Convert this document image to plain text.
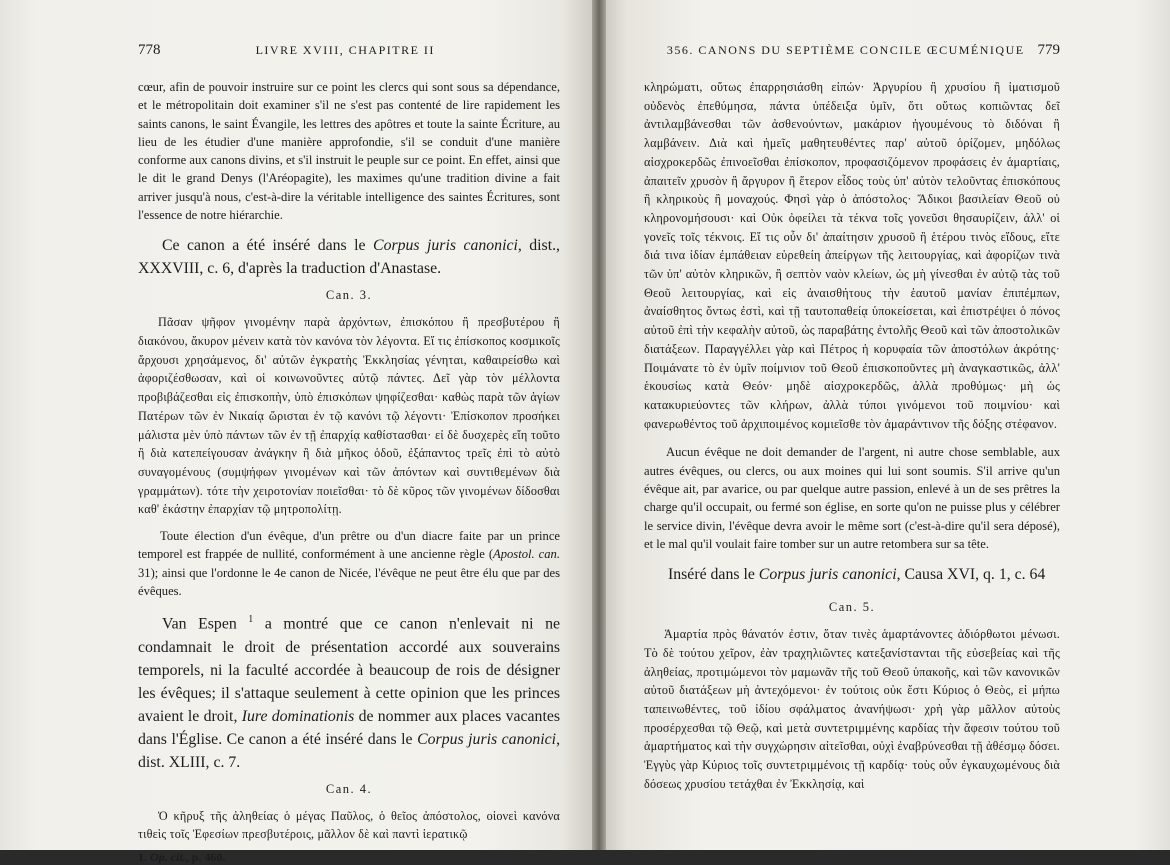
778	LIVRE XVIII, CHAPITRE II

cœur, afin de pouvoir instruire sur ce point les clercs qui sont sous sa dépendance, et le métropolitain doit examiner s'il ne s'est pas contenté de lire rapidement les saints canons, le saint Évangile, les lettres des apôtres et toute la sainte Écriture, au lieu de les étudier d'une manière approfondie, s'il se conduit d'une manière conforme aux canons divins, et s'il instruit le peuple sur ce point. En effet, ainsi que le dit le grand Denys (l'Aréopagite), les maximes qu'une tradition divine a fait arriver jusqu'à nous, c'est-à-dire la véritable intelligence des saintes Écritures, sont l'essence de notre hiérarchie.

Ce canon a été inséré dans le Corpus juris canonici, dist., XXXVIII, c. 6, d'après la traduction d'Anastase.

Can. 3.

Πᾶσαν ψῆφον γινομένην παρὰ ἀρχόντων, ἐπισκόπου ἢ πρεσβυτέρου ἢ διακόνου, ἄκυρον μένειν κατὰ τὸν κανόνα τὸν λέγοντα. Εἴ τις ἐπίσκοπος κοσμικοῖς ἄρχουσι χρησάμενος, δι' αὐτῶν ἐγκρατὴς Ἐκκλησίας γένηται, καθαιρείσθω καὶ ἀφοριζέσθωσαν, καὶ οἱ κοινωνοῦντες αὐτῷ πάντες. Δεῖ γὰρ τὸν μέλλοντα προβιβάζεσθαι εἰς ἐπισκοπὴν, ὑπὸ ἐπισκόπων ψηφίζεσθαι· καθὼς παρὰ τῶν ἁγίων Πατέρων τῶν ἐν Νικαίᾳ ὥρισται ἐν τῷ κανόνι τῷ λέγοντι· Ἐπίσκοπον προσήκει μάλιστα μὲν ὑπὸ πάντων τῶν ἐν τῇ ἐπαρχίᾳ καθίστασθαι· εἰ δὲ δυσχερὲς εἴη τοῦτο ἢ διὰ κατεπείγουσαν ἀνάγκην ἢ διὰ μῆκος ὁδοῦ, ἐξάπαντος τρεῖς ἐπὶ τὸ αὐτὸ συναγομένους (συμψήφων γινομένων καὶ τῶν ἀπόντων καὶ συντιθεμένων διὰ γραμμάτων). τότε τὴν χειροτονίαν ποιεῖσθαι· τὸ δὲ κῦρος τῶν γινομένων δίδοσθαι καθ' ἑκάστην ἐπαρχίαν τῷ μητροπολίτῃ.

Toute élection d'un évêque, d'un prêtre ou d'un diacre faite par un prince temporel est frappée de nullité, conformément à une ancienne règle (Apostol. can. 31); ainsi que l'ordonne le 4e canon de Nicée, l'évêque ne peut être élu que par des évêques.

Van Espen $^1$ a montré que ce canon n'enlevait ni ne condamnait le droit de présentation accordé aux souverains temporels, ni la faculté accordée à beaucoup de rois de désigner les évêques; il s'attaque seulement à cette opinion que les princes avaient le droit, Iure dominationis de nommer aux places vacantes dans l'Église. Ce canon a été inséré dans le Corpus juris canonici, dist. XLIII, c. 7.

Can. 4.

Ὁ κῆρυξ τῆς ἀληθείας ὁ μέγας Παῦλος, ὁ θεῖος ἀπόστολος, οἱονεὶ κανόνα τιθεὶς τοῖς Ἐφεσίων πρεσβυτέροις, μᾶλλον δὲ καὶ παντὶ ἱερατικῷ

1. Op. cit., p. 460.
356. CANONS DU SEPTIÈME CONCILE ŒCUMÉNIQUE 779

κληρώματι, οὕτως ἐπαρρησιάσθη εἰπών· Ἀργυρίου ἢ χρυσίου ἢ ἱματισμοῦ οὐδενὸς ἐπεθύμησα, πάντα ὑπέδειξα ὑμῖν, ὅτι οὕτως κοπιῶντας δεῖ ἀντιλαμβάνεσθαι τῶν ἀσθενούντων, μακάριον ἡγουμένους τὸ διδόναι ἢ λαμβάνειν. Διὰ καὶ ἡμεῖς μαθητευθέντες παρ' αὐτοῦ ὁρίζομεν, μηδόλως αἰσχροκερδῶς ἐπινοεῖσθαι ἐπίσκοπον, προφασιζόμενον προφάσεις ἐν ἁμαρτίαις, ἀπαιτεῖν χρυσὸν ἢ ἄργυρον ἢ ἕτερον εἶδος τοὺς ὑπ' αὐτὸν τελοῦντας ἐπισκόπους ἢ κληρικοὺς ἢ μοναχούς. Φησὶ γὰρ ὁ ἀπόστολος· Ἄδικοι βασιλείαν Θεοῦ οὐ κληρονομήσουσι· καὶ Οὐκ ὀφείλει τὰ τέκνα τοῖς γονεῦσι θησαυρίζειν, ἀλλ' οἱ γονεῖς τοῖς τέκνοις. Εἴ τις οὖν δι' ἀπαίτησιν χρυσοῦ ἢ ἑτέρου τινὸς εἴδους, εἴτε διά τινα ἰδίαν ἐμπάθειαν εὑρεθείη ἀπείργων τῆς λειτουργίας, καὶ ἀφορίζων τινὰ τῶν ὑπ' αὐτὸν κληρικῶν, ἢ σεπτὸν ναὸν κλείων, ὡς μὴ γίνεσθαι ἐν αὐτῷ τὰς τοῦ Θεοῦ λειτουργίας, καὶ εἰς ἀναισθήτους τὴν ἑαυτοῦ μανίαν ἐπιπέμπων, ἀναίσθητος ὄντως ἐστὶ, καὶ τῇ ταυτοπαθείᾳ ὑποκείσεται, καὶ ἐπιστρέψει ὁ πόνος αὐτοῦ ἐπὶ τὴν κεφαλὴν αὐτοῦ, ὡς παραβάτης ἐντολῆς Θεοῦ καὶ τῶν ἀποστολικῶν διατάξεων. Παραγγέλλει γὰρ καὶ Πέτρος ἡ κορυφαία τῶν ἀποστόλων ἀκρότης· Ποιμάνατε τὸ ἐν ὑμῖν ποίμνιον τοῦ Θεοῦ ἐπισκοποῦντες μὴ ἀναγκαστικῶς, ἀλλ' ἑκουσίως κατὰ Θεόν· μηδὲ αἰσχροκερδῶς, ἀλλὰ προθύμως· μὴ ὡς κατακυριεύοντες τῶν κλήρων, ἀλλὰ τύποι γινόμενοι τοῦ ποιμνίου· καὶ φανερωθέντος τοῦ ἀρχιποιμένος κομιεῖσθε τὸν ἀμαράντινον τῆς δόξης στέφανον.

Aucun évêque ne doit demander de l'argent, ni autre chose semblable, aux autres évêques, ou clercs, ou aux moines qui lui sont soumis. S'il arrive qu'un évêque ait, par avarice, ou par quelque autre passion, enlevé à un de ses prêtres la charge qu'il occupait, ou fermé son église, en sorte qu'on ne puisse plus y célébrer le service divin, l'évêque devra avoir le même sort (c'est-à-dire qu'il sera déposé), et le mal qu'il voulait faire tomber sur un autre retombera sur sa tête.

Inséré dans le Corpus juris canonici, Causa XVI, q. 1, c. 64

Can. 5.

Ἁμαρτία πρὸς θάνατόν ἐστιν, ὅταν τινὲς ἁμαρτάνοντες ἀδιόρθωτοι μένωσι. Τὸ δὲ τούτου χεῖρον, ἐὰν τραχηλιῶντες κατεξανίστανται τῆς εὐσεβείας καὶ τῆς ἀληθείας, προτιμώμενοι τὸν μαμωνᾶν τῆς τοῦ Θεοῦ ὑπακοῆς, καὶ τῶν κανονικῶν αὐτοῦ διατάξεων μὴ ἀντεχόμενοι· ἐν τούτοις οὐκ ἔστι Κύριος ὁ Θεὸς, εἰ μήπω ταπεινωθέντες, τοῦ ἰδίου σφάλματος ἀνανήψωσι· χρὴ γὰρ μᾶλλον αὐτοὺς προσέρχεσθαι τῷ Θεῷ, καὶ μετὰ συντετριμμένης καρδίας τὴν ἄφεσιν τούτου τοῦ ἁμαρτήματος καὶ τὴν συγχώρησιν αἰτεῖσθαι, οὐχὶ ἐναβρύνεσθαι τῇ ἀθέσμῳ δόσει. Ἐγγὺς γὰρ Κύριος τοῖς συντετριμμένοις τῇ καρδίᾳ· τοὺς οὖν ἐγκαυχωμένους διὰ δόσεως χρυσίου τετάχθαι ἐν Ἐκκλησίᾳ, καὶ
